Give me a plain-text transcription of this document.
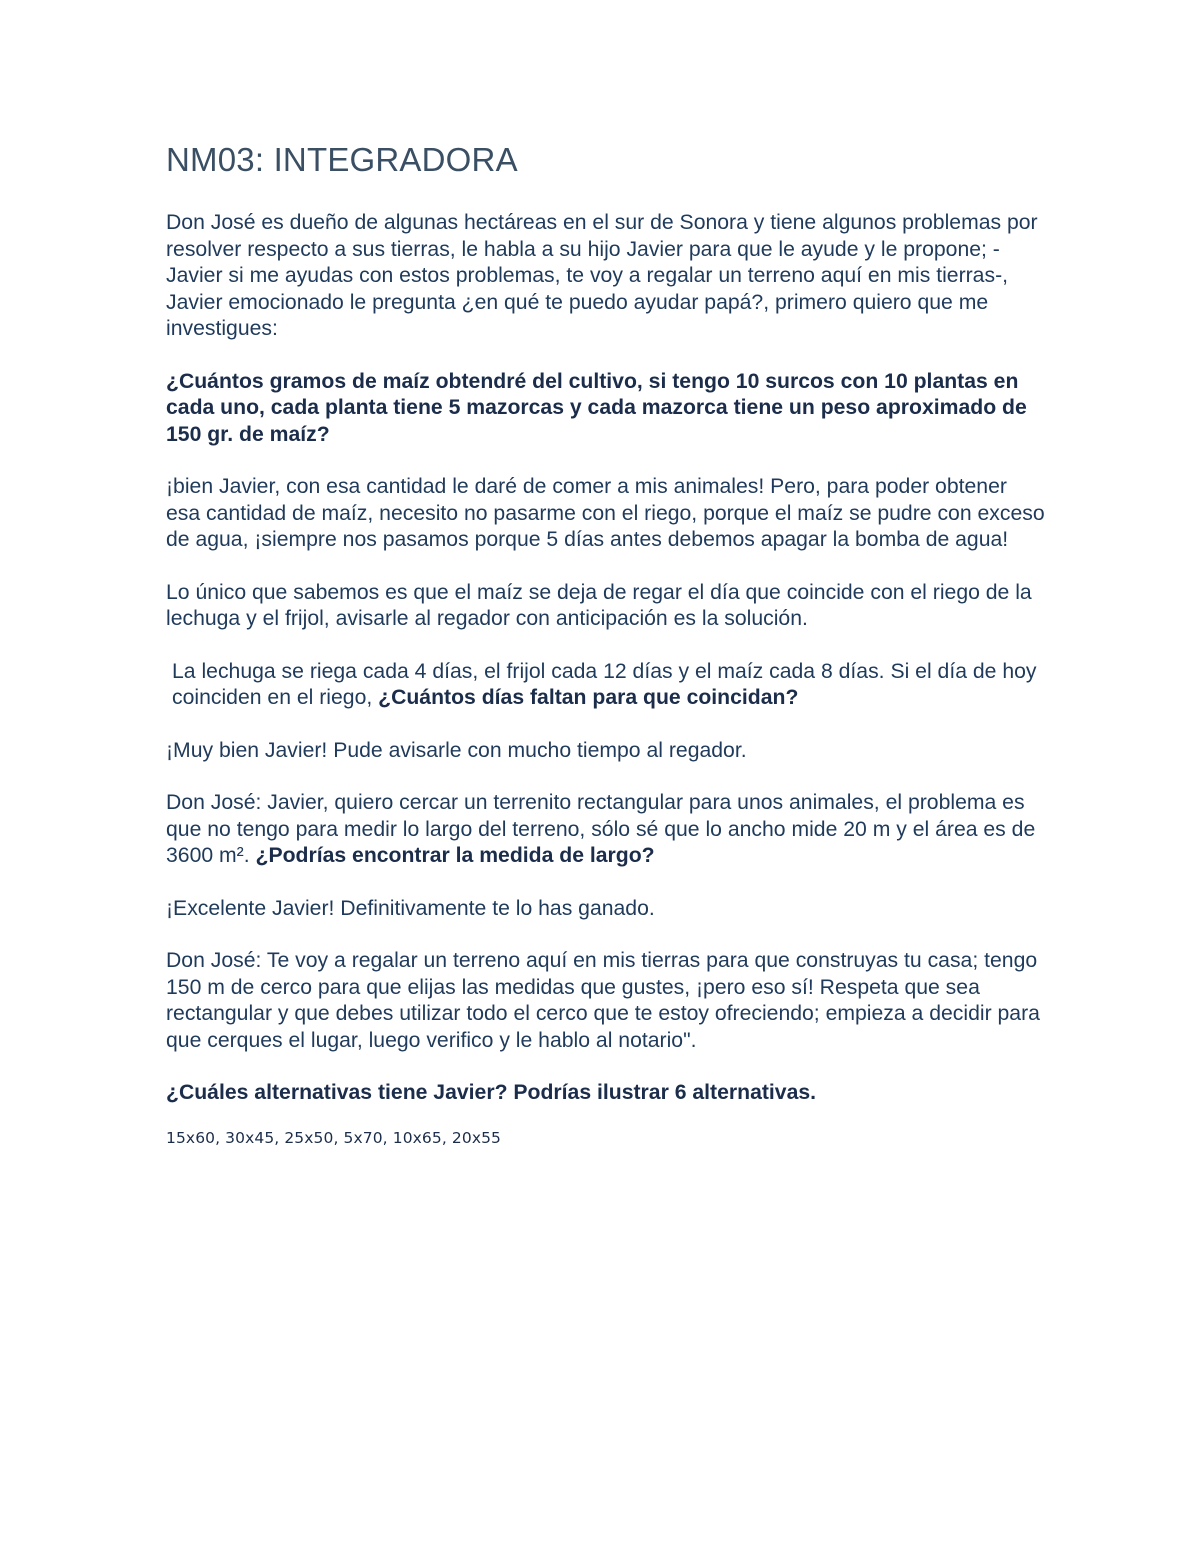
NM03: INTEGRADORA

Don José es dueño de algunas hectáreas en el sur de Sonora y tiene algunos problemas por resolver respecto a sus tierras, le habla a su hijo Javier para que le ayude y le propone; -Javier si me ayudas con estos problemas, te voy a regalar un terreno aquí en mis tierras-, Javier emocionado le pregunta ¿en qué te puedo ayudar papá?, primero quiero que me investigues:

¿Cuántos gramos de maíz obtendré del cultivo, si tengo 10 surcos con 10 plantas en cada uno, cada planta tiene 5 mazorcas y cada mazorca tiene un peso aproximado de 150 gr. de maíz?

¡bien Javier, con esa cantidad le daré de comer a mis animales! Pero, para poder obtener esa cantidad de maíz, necesito no pasarme con el riego, porque el maíz se pudre con exceso de agua, ¡siempre nos pasamos porque 5 días antes debemos apagar la bomba de agua!

Lo único que sabemos es que el maíz se deja de regar el día que coincide con el riego de la lechuga y el frijol, avisarle al regador con anticipación es la solución.

La lechuga se riega cada 4 días, el frijol cada 12 días y el maíz cada 8 días. Si el día de hoy coinciden en el riego, ¿Cuántos días faltan para que coincidan?

¡Muy bien Javier! Pude avisarle con mucho tiempo al regador.

Don José: Javier, quiero cercar un terrenito rectangular para unos animales, el problema es que no tengo para medir lo largo del terreno, sólo sé que lo ancho mide 20 m y el área es de 3600 m². ¿Podrías encontrar la medida de largo?

¡Excelente Javier! Definitivamente te lo has ganado.

Don José: Te voy a regalar un terreno aquí en mis tierras para que construyas tu casa; tengo 150 m de cerco para que elijas las medidas que gustes, ¡pero eso sí! Respeta que sea rectangular y que debes utilizar todo el cerco que te estoy ofreciendo; empieza a decidir para que cerques el lugar, luego verifico y le hablo al notario".

¿Cuáles alternativas tiene Javier? Podrías ilustrar 6 alternativas.

15x60, 30x45, 25x50, 5x70, 10x65, 20x55
